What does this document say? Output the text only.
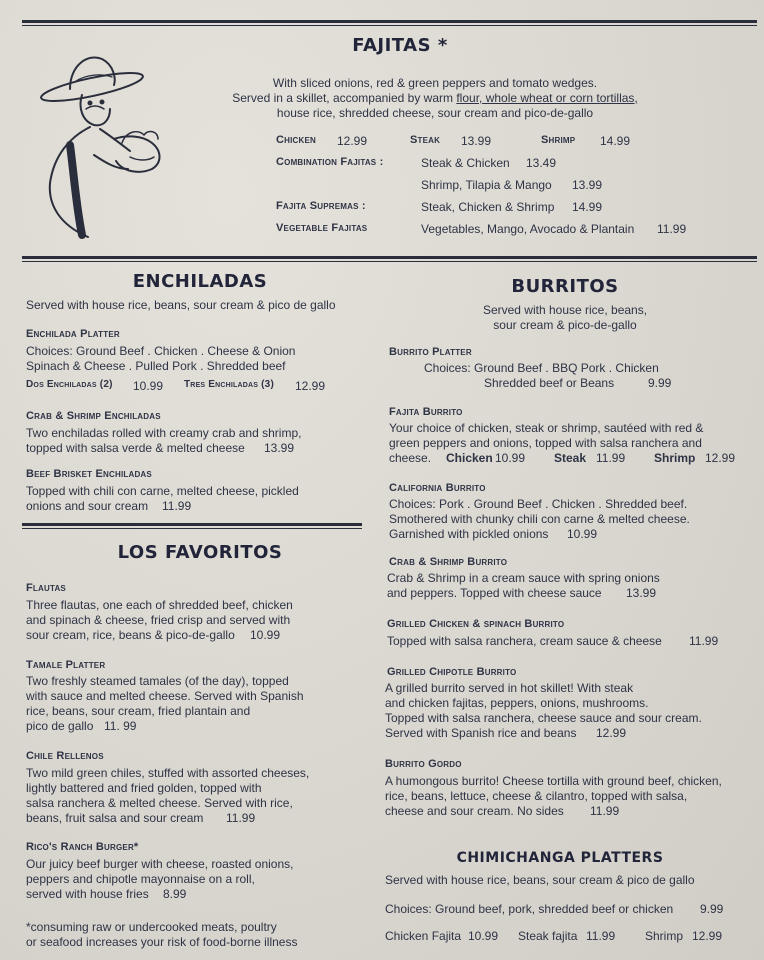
FAJITAS *
With sliced onions, red & green peppers and tomato wedges.
Served in a skillet, accompanied by warm flour, whole wheat or corn tortillas,
house rice, shredded cheese, sour cream and pico-de-gallo
Chicken 12.99	Steak 13.99	Shrimp 14.99
Combination Fajitas :	Steak & Chicken 13.49
Shrimp, Tilapia & Mango 13.99
Fajita Supremas :	Steak, Chicken & Shrimp 14.99
Vegetable Fajitas	Vegetables, Mango, Avocado & Plantain 11.99
ENCHILADAS
Served with house rice, beans, sour cream & pico de gallo
Enchilada Platter
Choices: Ground Beef . Chicken . Cheese & Onion
Spinach & Cheese . Pulled Pork . Shredded beef
Dos Enchiladas (2) 10.99 Tres Enchiladas (3) 12.99
Crab & Shrimp Enchiladas
Two enchiladas rolled with creamy crab and shrimp,
topped with salsa verde & melted cheese 13.99
Beef Brisket Enchiladas
Topped with chili con carne, melted cheese, pickled
onions and sour cream 11.99
LOS FAVORITOS
Flautas
Three flautas, one each of shredded beef, chicken
and spinach & cheese, fried crisp and served with
sour cream, rice, beans & pico-de-gallo 10.99
Tamale Platter
Two freshly steamed tamales (of the day), topped
with sauce and melted cheese. Served with Spanish
rice, beans, sour cream, fried plantain and
pico de gallo 11. 99
Chile Rellenos
Two mild green chiles, stuffed with assorted cheeses,
lightly battered and fried golden, topped with
salsa ranchera & melted cheese. Served with rice,
beans, fruit salsa and sour cream 11.99
Rico's Ranch Burger*
Our juicy beef burger with cheese, roasted onions,
peppers and chipotle mayonnaise on a roll,
served with house fries 8.99
*consuming raw or undercooked meats, poultry
or seafood increases your risk of food-borne illness
BURRITOS
Served with house rice, beans,
sour cream & pico-de-gallo
Burrito Platter
Choices: Ground Beef . BBQ Pork . Chicken
Shredded beef or Beans	9.99
Fajita Burrito
Your choice of chicken, steak or shrimp, sautéed with red &
green peppers and onions, topped with salsa ranchera and
cheese. Chicken 10.99 Steak 11.99 Shrimp 12.99
California Burrito
Choices: Pork . Ground Beef . Chicken . Shredded beef.
Smothered with chunky chili con carne & melted cheese.
Garnished with pickled onions 10.99
Crab & Shrimp Burrito
Crab & Shrimp in a cream sauce with spring onions
and peppers. Topped with cheese sauce 13.99
Grilled Chicken & spinach Burrito
Topped with salsa ranchera, cream sauce & cheese 11.99
Grilled Chipotle Burrito
A grilled burrito served in hot skillet! With steak
and chicken fajitas, peppers, onions, mushrooms.
Topped with salsa ranchera, cheese sauce and sour cream.
Served with Spanish rice and beans 12.99
Burrito Gordo
A humongous burrito! Cheese tortilla with ground beef, chicken,
rice, beans, lettuce, cheese & cilantro, topped with salsa,
cheese and sour cream. No sides 11.99
CHIMICHANGA PLATTERS
Served with house rice, beans, sour cream & pico de gallo
Choices: Ground beef, pork, shredded beef or chicken 9.99
Chicken Fajita 10.99 Steak fajita 11.99 Shrimp 12.99
